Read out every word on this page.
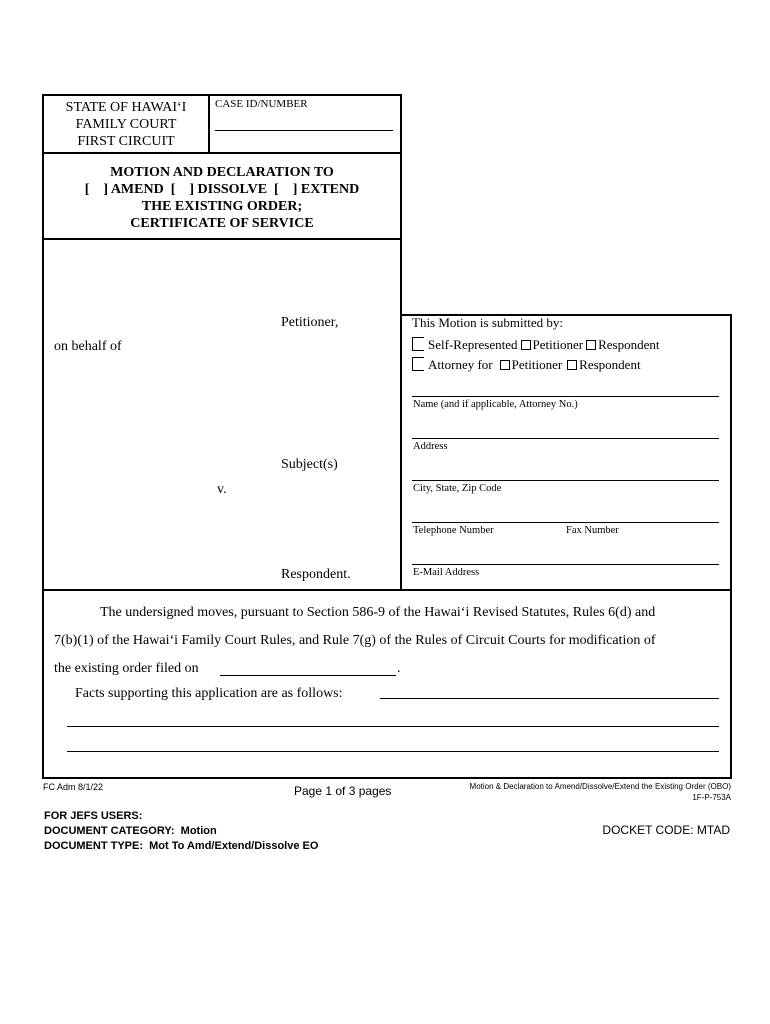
STATE OF HAWAI‘I
FAMILY COURT
FIRST CIRCUIT
CASE ID/NUMBER
MOTION AND DECLARATION TO
[    ] AMEND  [    ] DISSOLVE  [    ] EXTEND
THE EXISTING ORDER;
CERTIFICATE OF SERVICE
Petitioner,
on behalf of
Subject(s)
v.
Respondent.
This Motion is submitted by:
Self-Represented Petitioner Respondent
Attorney for Petitioner Respondent
Name (and if applicable, Attorney No.)
Address
City, State, Zip Code
Telephone Number	Fax Number
E-Mail Address
The undersigned moves, pursuant to Section 586-9 of the Hawai‘i Revised Statutes, Rules 6(d) and
7(b)(1) of the Hawai‘i Family Court Rules, and Rule 7(g) of the Rules of Circuit Courts for modification of
the existing order filed on	.
Facts supporting this application are as follows:
FC Adm 8/1/22	Page 1 of 3 pages	Motion & Declaration to Amend/Dissolve/Extend the Existing Order (OBO)
1F-P-753A
FOR JEFS USERS:
DOCUMENT CATEGORY:  Motion
DOCUMENT TYPE:  Mot To Amd/Extend/Dissolve EO
DOCKET CODE: MTAD
